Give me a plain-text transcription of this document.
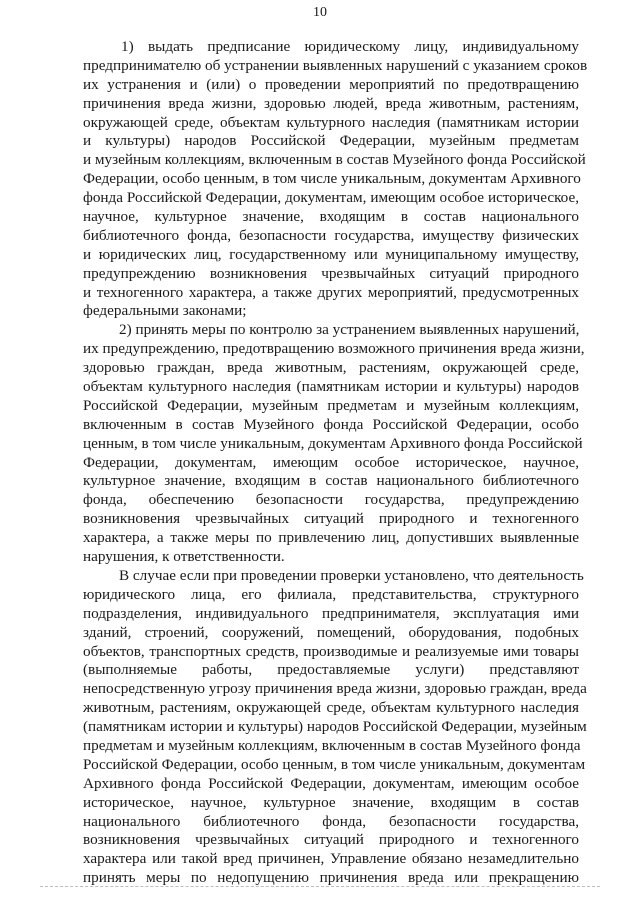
10
1) выдать предписание юридическому лицу, индивидуальному
предпринимателю об устранении выявленных нарушений с указанием сроков
их устранения и (или) о проведении мероприятий по предотвращению
причинения вреда жизни, здоровью людей, вреда животным, растениям,
окружающей среде, объектам культурного наследия (памятникам истории
и культуры) народов Российской Федерации, музейным предметам
и музейным коллекциям, включенным в состав Музейного фонда Российской
Федерации, особо ценным, в том числе уникальным, документам Архивного
фонда Российской Федерации, документам, имеющим особое историческое,
научное, культурное значение, входящим в состав национального
библиотечного фонда, безопасности государства, имуществу физических
и юридических лиц, государственному или муниципальному имуществу,
предупреждению возникновения чрезвычайных ситуаций природного
и техногенного характера, а также других мероприятий, предусмотренных
федеральными законами;
2) принять меры по контролю за устранением выявленных нарушений,
их предупреждению, предотвращению возможного причинения вреда жизни,
здоровью граждан, вреда животным, растениям, окружающей среде,
объектам культурного наследия (памятникам истории и культуры) народов
Российской Федерации, музейным предметам и музейным коллекциям,
включенным в состав Музейного фонда Российской Федерации, особо
ценным, в том числе уникальным, документам Архивного фонда Российской
Федерации, документам, имеющим особое историческое, научное,
культурное значение, входящим в состав национального библиотечного
фонда, обеспечению безопасности государства, предупреждению
возникновения чрезвычайных ситуаций природного и техногенного
характера, а также меры по привлечению лиц, допустивших выявленные
нарушения, к ответственности.
В случае если при проведении проверки установлено, что деятельность
юридического лица, его филиала, представительства, структурного
подразделения, индивидуального предпринимателя, эксплуатация ими
зданий, строений, сооружений, помещений, оборудования, подобных
объектов, транспортных средств, производимые и реализуемые ими товары
(выполняемые работы, предоставляемые услуги) представляют
непосредственную угрозу причинения вреда жизни, здоровью граждан, вреда
животным, растениям, окружающей среде, объектам культурного наследия
(памятникам истории и культуры) народов Российской Федерации, музейным
предметам и музейным коллекциям, включенным в состав Музейного фонда
Российской Федерации, особо ценным, в том числе уникальным, документам
Архивного фонда Российской Федерации, документам, имеющим особое
историческое, научное, культурное значение, входящим в состав
национального библиотечного фонда, безопасности государства,
возникновения чрезвычайных ситуаций природного и техногенного
характера или такой вред причинен, Управление обязано незамедлительно
принять меры по недопущению причинения вреда или прекращению
